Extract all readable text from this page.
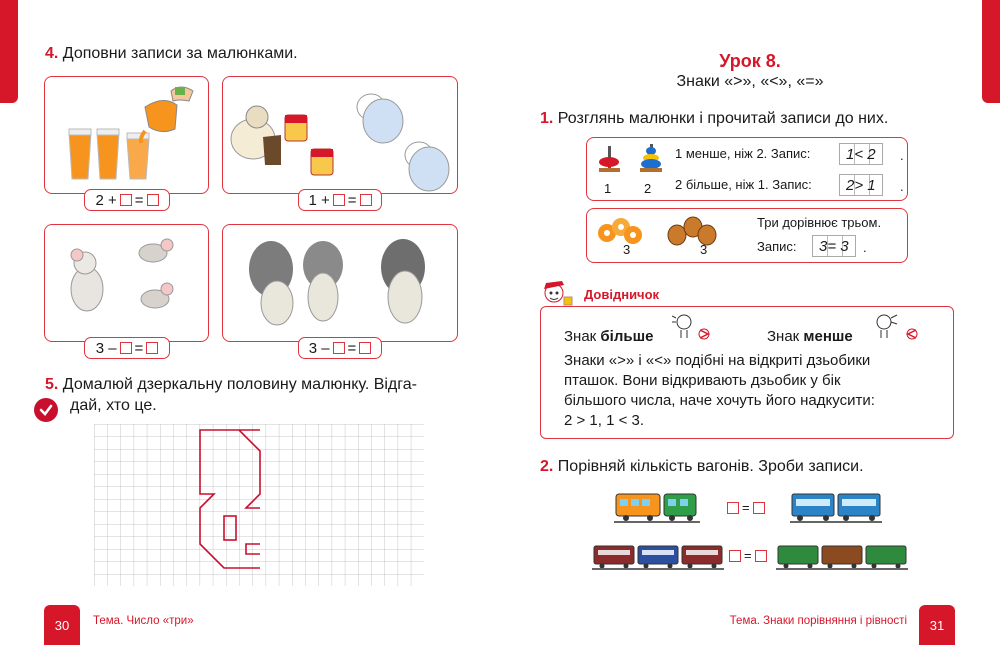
4. Доповни записи за малюнками.
2 + =	1 + =
3 – =	3 – =
5. Домалюй дзеркальну половину малюнку. Відга-
дай, хто це.
30 Тема. Число «три»
Урок 8.
Знаки «>», «<», «=»
1. Розглянь малюнки і прочитай записи до них.
1	2
1 менше, ніж 2. Запис:	1< 2	.
2 більше, ніж 1. Запис:	2> 1	.
3	3
Три дорівнює трьом.
Запис:	3= 3	.
Довідничок
Знак більше	Знак менше
Знаки «>» і «<» подібні на відкриті дзьобики
пташок. Вони відкривають дзьобик у бік
більшого числа, наче хочуть його надкусити:
2 > 1, 1 < 3.
2. Порівняй кількість вагонів. Зроби записи.
=
=
Тема. Знаки порівняння і рівності 31
